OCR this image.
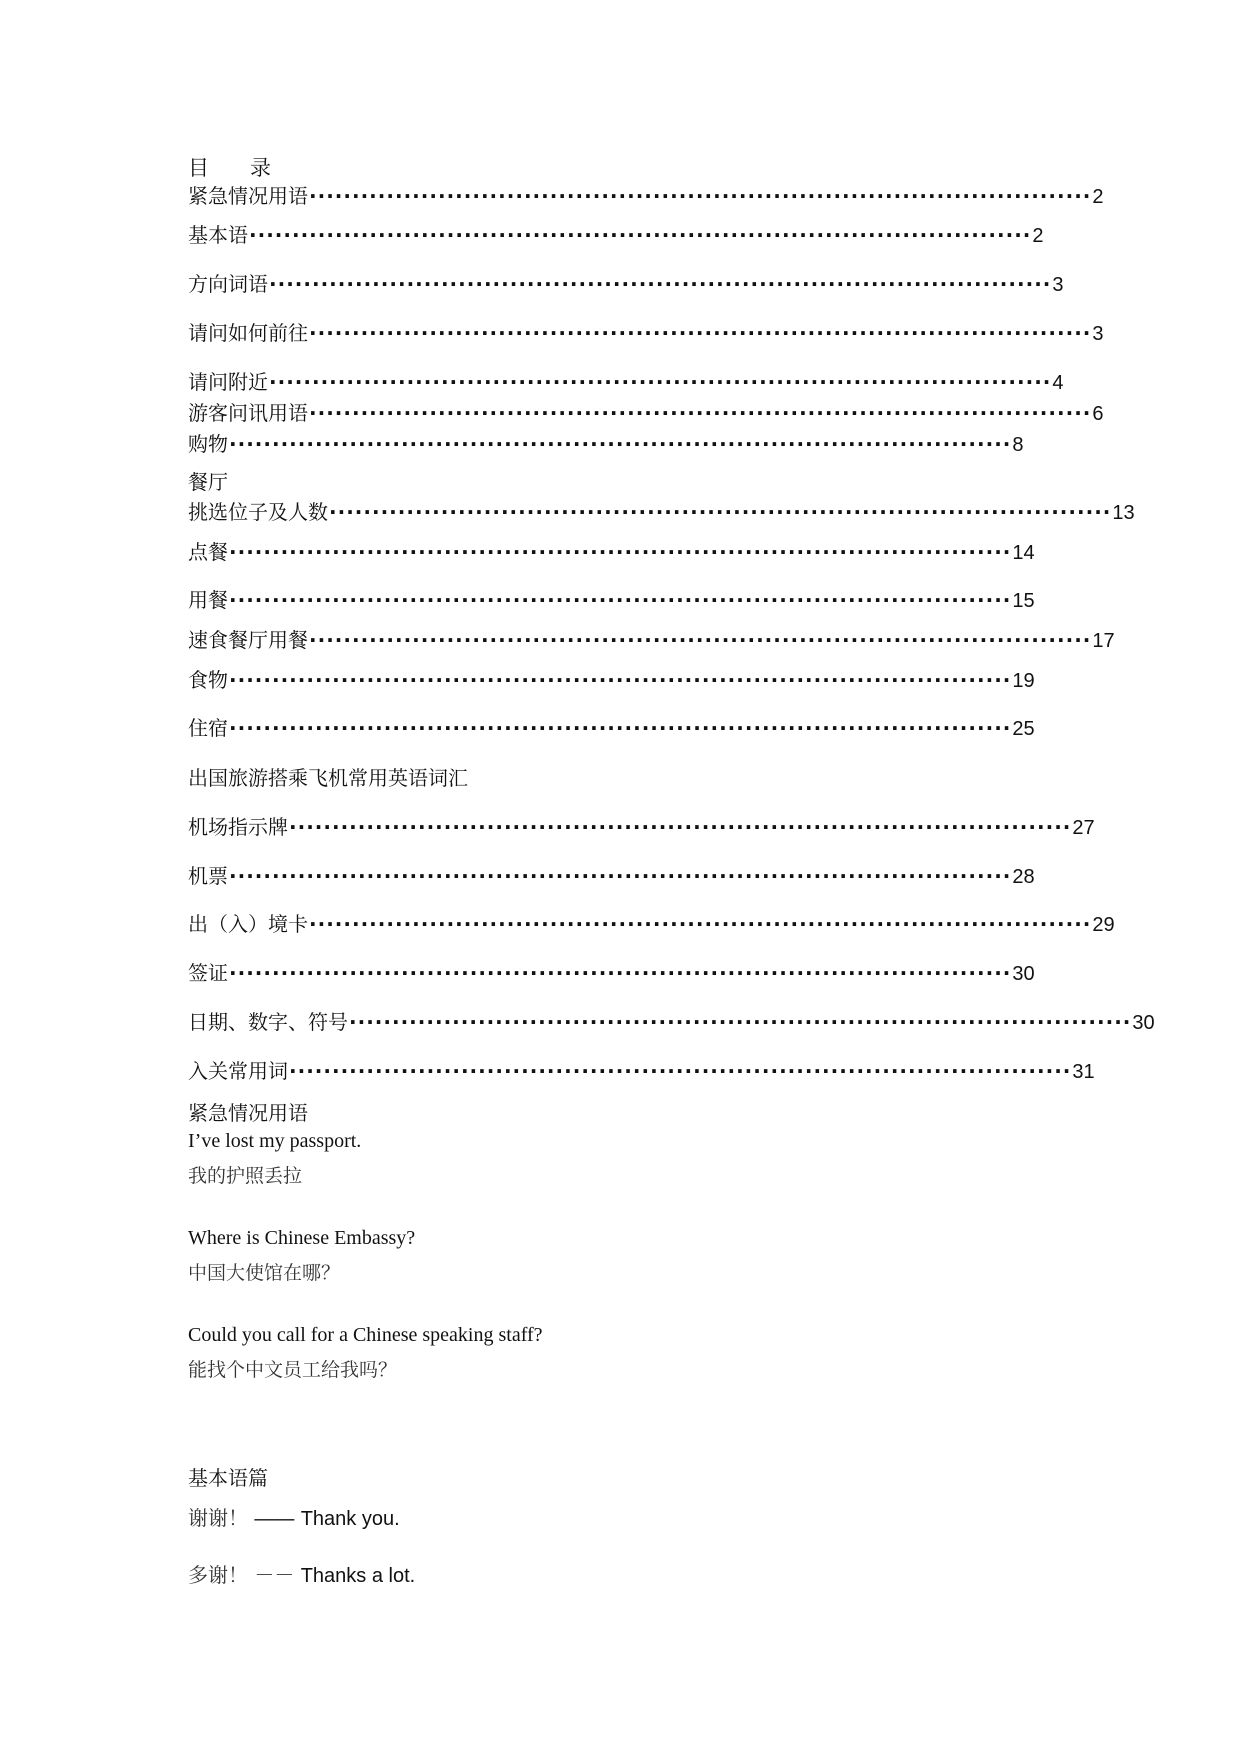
目　录
紧急情况用语 ··························································································· 2
基本语 ··························································································· 2
方向词语 ··························································································· 3
请问如何前往 ··························································································· 3
请问附近 ··························································································· 4
游客问讯用语 ··························································································· 6
购物 ··························································································· 8
餐厅
挑选位子及人数 ··························································································· 13
点餐 ··························································································· 14
用餐 ··························································································· 15
速食餐厅用餐 ··························································································· 17
食物 ··························································································· 19
住宿 ··························································································· 25
出国旅游搭乘飞机常用英语词汇
机场指示牌 ··························································································· 27
机票 ··························································································· 28
出（入）境卡 ··························································································· 29
签证 ··························································································· 30
日期、数字、符号 ··························································································· 30
入关常用词 ··························································································· 31
紧急情况用语
I’ve lost my passport.
我的护照丢拉
Where is Chinese Embassy?
中国大使馆在哪？
Could you call for a Chinese speaking staff?
能找个中文员工给我吗？
基本语篇
谢谢！ —— Thank you.
多谢！ －－ Thanks a lot.
